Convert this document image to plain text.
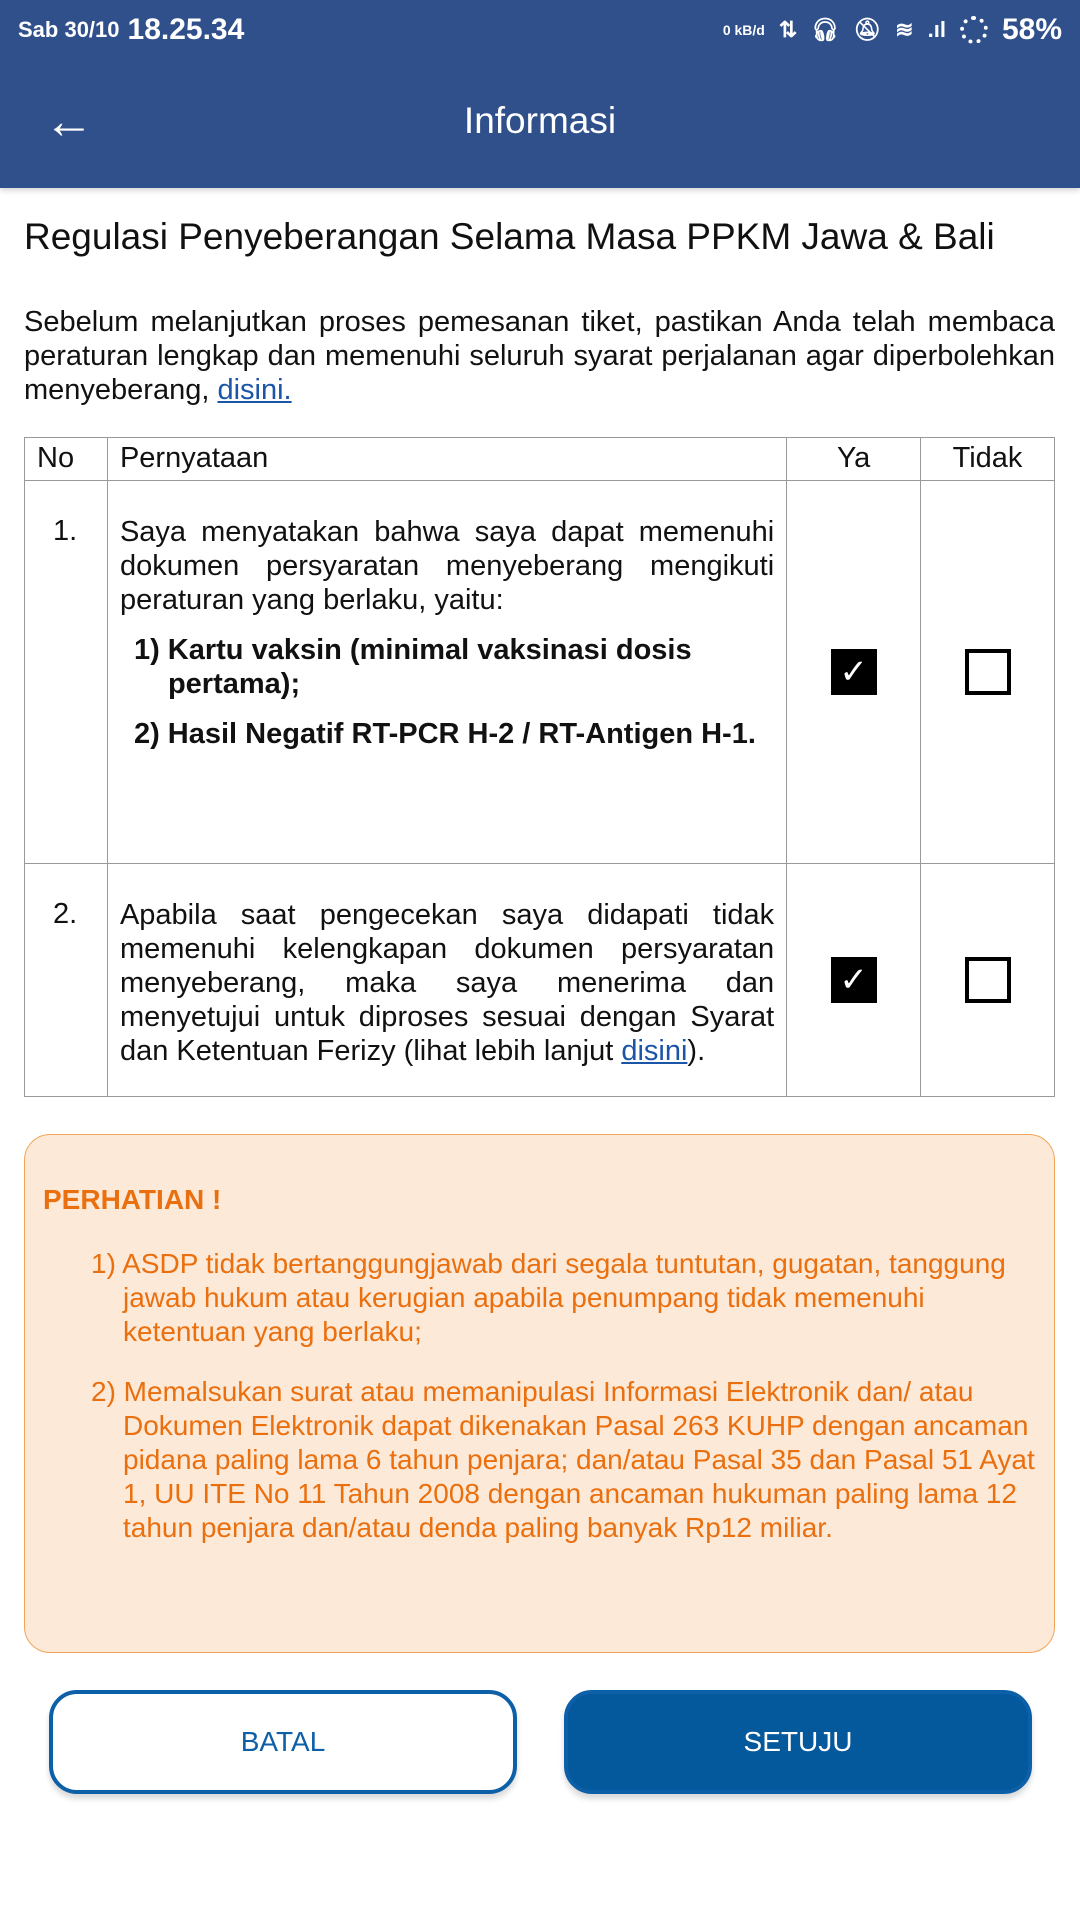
Sab 30/10 18.25.34	0 kB/d ⇅ 🎧︎ 🔕︎ ≋ .ıl 58%
←	Informasi
Regulasi Penyeberangan Selama Masa PPKM Jawa & Bali

Sebelum melanjutkan proses pemesanan tiket, pastikan Anda telah membaca peraturan lengkap dan memenuhi seluruh syarat perjalanan agar diperbolehkan menyeberang, disini.

No	Pernyataan	Ya	Tidak
1.	Saya menyatakan bahwa saya dapat memenuhi dokumen persyaratan menyeberang mengikuti peraturan yang berlaku, yaitu:
1) Kartu vaksin (minimal vaksinasi dosis pertama);
2) Hasil Negatif RT-PCR H-2 / RT-Antigen H-1.	✓	
2.	Apabila saat pengecekan saya didapati tidak memenuhi kelengkapan dokumen persyaratan menyeberang, maka saya menerima dan menyetujui untuk diproses sesuai dengan Syarat dan Ketentuan Ferizy (lihat lebih lanjut disini).	✓	
PERHATIAN !
1) ASDP tidak bertanggungjawab dari segala tuntutan, gugatan, tanggung jawab hukum atau kerugian apabila penumpang tidak memenuhi ketentuan yang berlaku;
2) Memalsukan surat atau memanipulasi Informasi Elektronik dan/ atau Dokumen Elektronik dapat dikenakan Pasal 263 KUHP dengan ancaman pidana paling lama 6 tahun penjara; dan/atau Pasal 35 dan Pasal 51 Ayat 1, UU ITE No 11 Tahun 2008 dengan ancaman hukuman paling lama 12 tahun penjara dan/atau denda paling banyak Rp12 miliar.
BATAL	SETUJU
